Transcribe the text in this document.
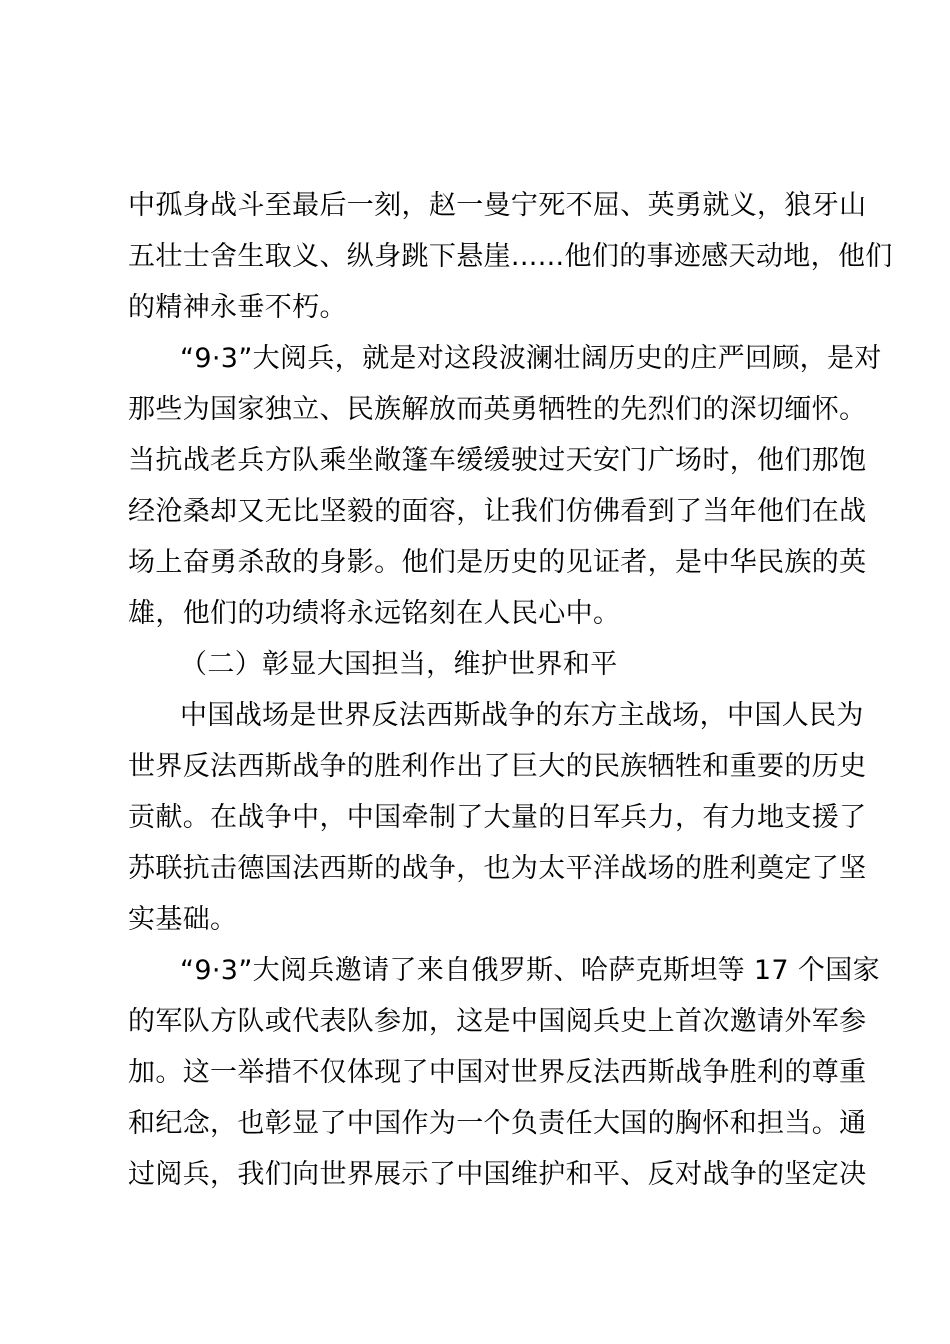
中孤身战斗至最后一刻，赵一曼宁死不屈、英勇就义，狼牙山
五壮士舍生取义、纵身跳下悬崖......他们的事迹感天动地，他们
的精神永垂不朽。
“9·3”大阅兵，就是对这段波澜壮阔历史的庄严回顾，是对
那些为国家独立、民族解放而英勇牺牲的先烈们的深切缅怀。
当抗战老兵方队乘坐敞篷车缓缓驶过天安门广场时，他们那饱
经沧桑却又无比坚毅的面容，让我们仿佛看到了当年他们在战
场上奋勇杀敌的身影。他们是历史的见证者，是中华民族的英
雄，他们的功绩将永远铭刻在人民心中。
（二）彰显大国担当，维护世界和平
中国战场是世界反法西斯战争的东方主战场，中国人民为
世界反法西斯战争的胜利作出了巨大的民族牺牲和重要的历史
贡献。在战争中，中国牵制了大量的日军兵力，有力地支援了
苏联抗击德国法西斯的战争，也为太平洋战场的胜利奠定了坚
实基础。
“9·3”大阅兵邀请了来自俄罗斯、哈萨克斯坦等 17 个国家
的军队方队或代表队参加，这是中国阅兵史上首次邀请外军参
加。这一举措不仅体现了中国对世界反法西斯战争胜利的尊重
和纪念，也彰显了中国作为一个负责任大国的胸怀和担当。通
过阅兵，我们向世界展示了中国维护和平、反对战争的坚定决
